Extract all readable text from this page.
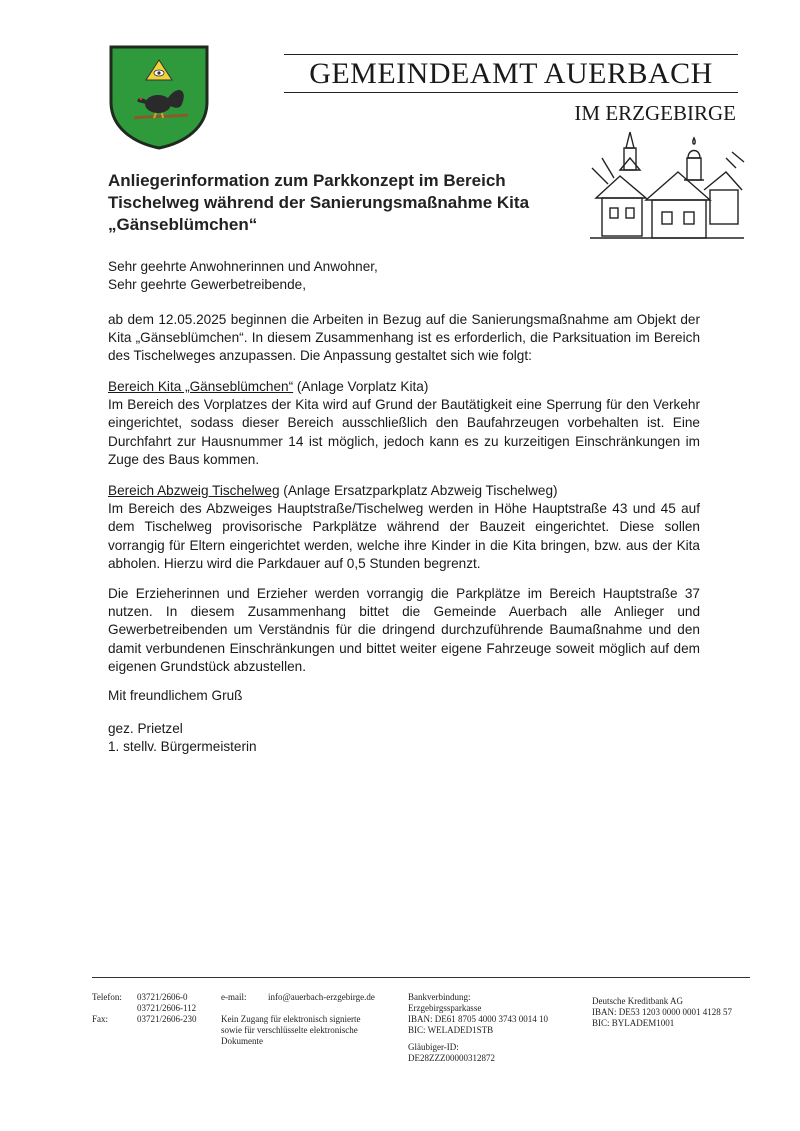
GEMEINDEAMT AUERBACH
IM ERZGEBIRGE
Anliegerinformation zum Parkkonzept im Bereich Tischelweg während der Sanierungsmaßnahme Kita „Gänseblümchen“
Sehr geehrte Anwohnerinnen und Anwohner,
Sehr geehrte Gewerbetreibende,
ab dem 12.05.2025 beginnen die Arbeiten in Bezug auf die Sanierungsmaßnahme am Objekt der Kita „Gänseblümchen“. In diesem Zusammenhang ist es erforderlich, die Parksituation im Bereich des Tischelweges anzupassen. Die Anpassung gestaltet sich wie folgt:
Bereich Kita „Gänseblümchen“ (Anlage Vorplatz Kita)
Im Bereich des Vorplatzes der Kita wird auf Grund der Bautätigkeit eine Sperrung für den Verkehr eingerichtet, sodass dieser Bereich ausschließlich den Baufahrzeugen vorbehalten ist. Eine Durchfahrt zur Hausnummer 14 ist möglich, jedoch kann es zu kurzeitigen Einschränkungen im Zuge des Baus kommen.
Bereich Abzweig Tischelweg (Anlage Ersatzparkplatz Abzweig Tischelweg)
Im Bereich des Abzweiges Hauptstraße/Tischelweg werden in Höhe Hauptstraße 43 und 45 auf dem Tischelweg provisorische Parkplätze während der Bauzeit eingerichtet. Diese sollen vorrangig für Eltern eingerichtet werden, welche ihre Kinder in die Kita bringen, bzw. aus der Kita abholen. Hierzu wird die Parkdauer auf 0,5 Stunden begrenzt.
Die Erzieherinnen und Erzieher werden vorrangig die Parkplätze im Bereich Hauptstraße 37 nutzen. In diesem Zusammenhang bittet die Gemeinde Auerbach alle Anlieger und Gewerbetreibenden um Verständnis für die dringend durchzuführende Baumaßnahme und den damit verbundenen Einschränkungen und bittet weiter eigene Fahrzeuge soweit möglich auf dem eigenen Grundstück abzustellen.
Mit freundlichem Gruß
gez. Prietzel
1. stellv. Bürgermeisterin
Telefon: 03721/2606-0
03721/2606-112
03721/2606-230
Fax:
e-mail: info@auerbach-erzgebirge.de
Kein Zugang für elektronisch signierte
sowie für verschlüsselte elektronische
Dokumente
Bankverbindung:
Erzgebirgssparkasse
IBAN: DE61 8705 4000 3743 0014 10
BIC: WELADED1STB
Gläubiger-ID:
DE28ZZZ00000312872
Deutsche Kreditbank AG
IBAN: DE53 1203 0000 0001 4128 57
BIC: BYLADEM1001
